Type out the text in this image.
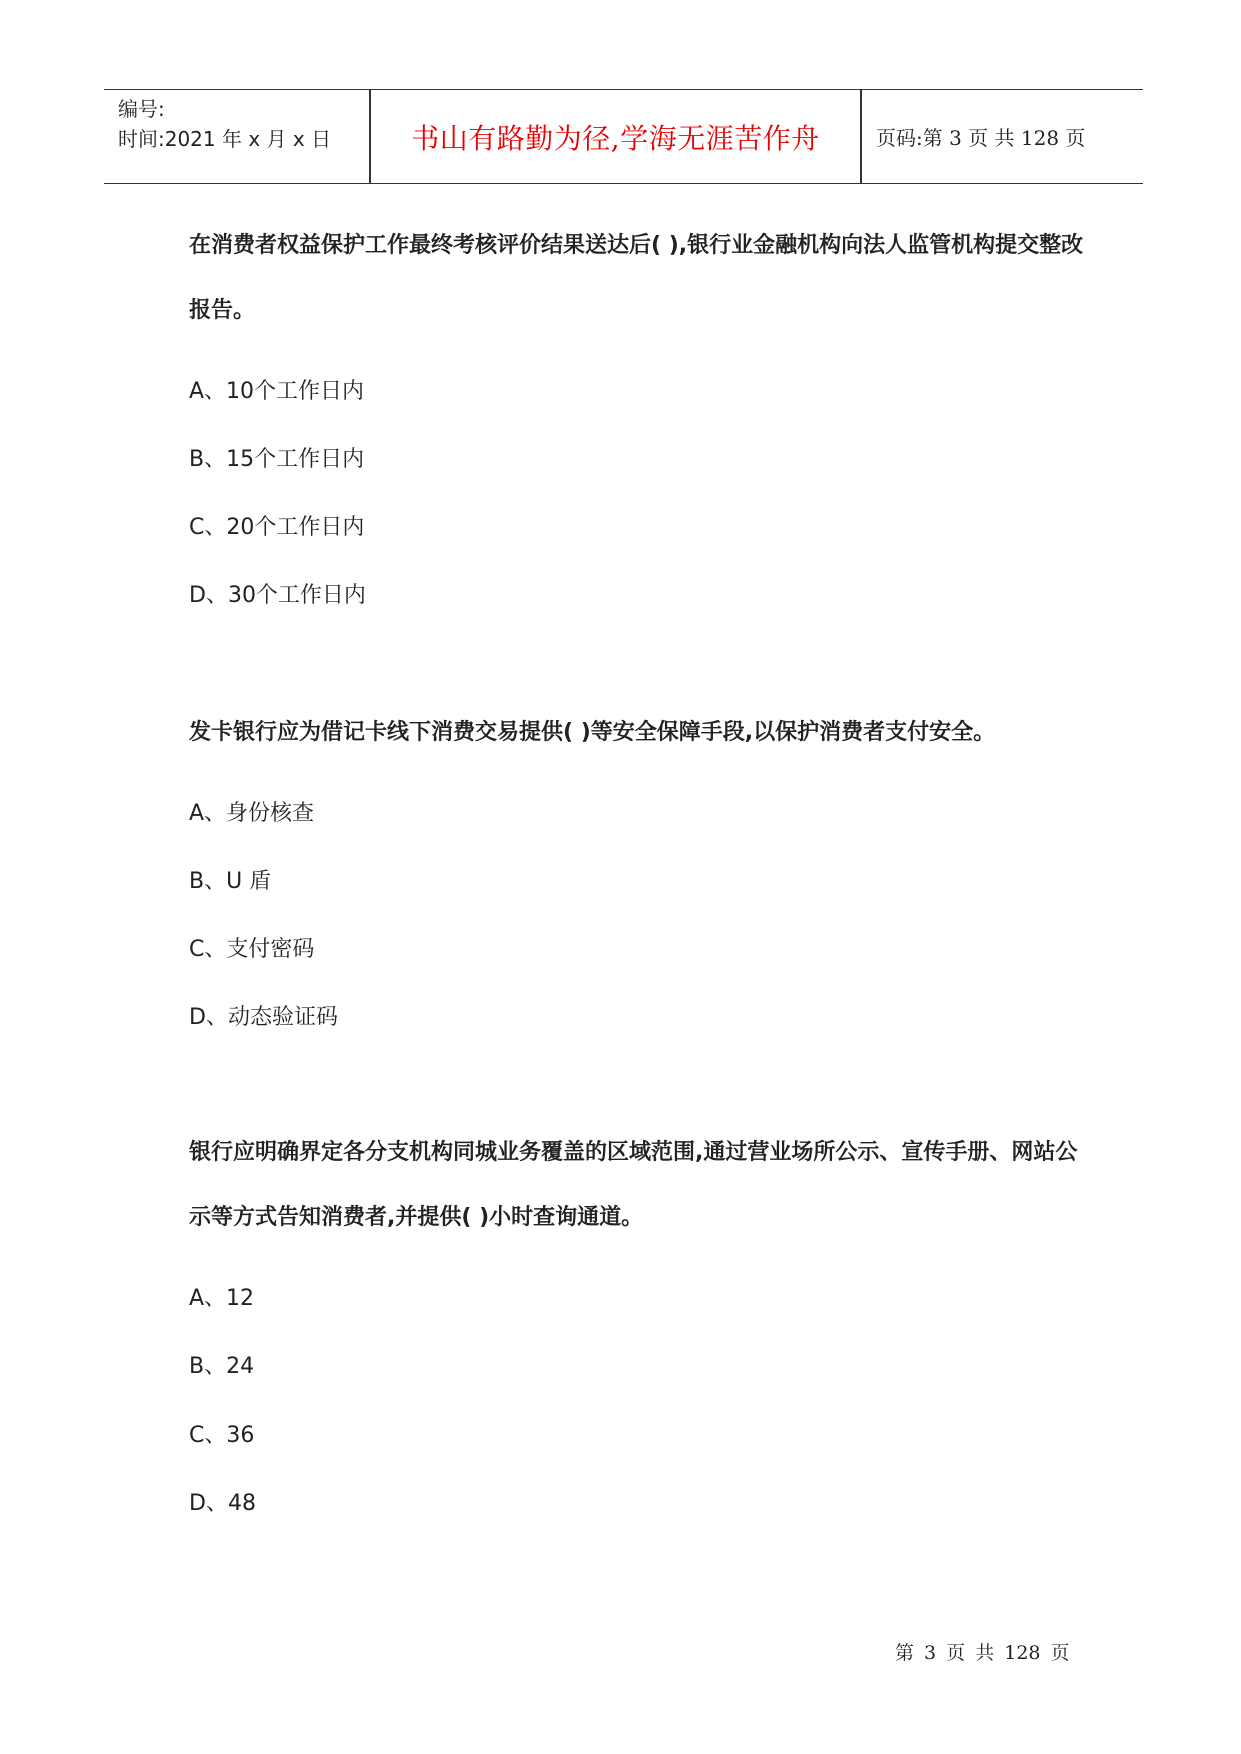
编号:
时间:2021 年 x 月 x 日	书山有路勤为径,学海无涯苦作舟	页码:第 3 页 共 128 页
在消费者权益保护工作最终考核评价结果送达后( ),银行业金融机构向法人监管机构提交整改报告。
A、10个工作日内
B、15个工作日内
C、20个工作日内
D、30个工作日内
发卡银行应为借记卡线下消费交易提供( )等安全保障手段,以保护消费者支付安全。
A、身份核查
B、U 盾
C、支付密码
D、动态验证码
银行应明确界定各分支机构同城业务覆盖的区域范围,通过营业场所公示、宣传手册、网站公示等方式告知消费者,并提供( )小时查询通道。
A、12
B、24
C、36
D、48
第 3 页 共 128 页
